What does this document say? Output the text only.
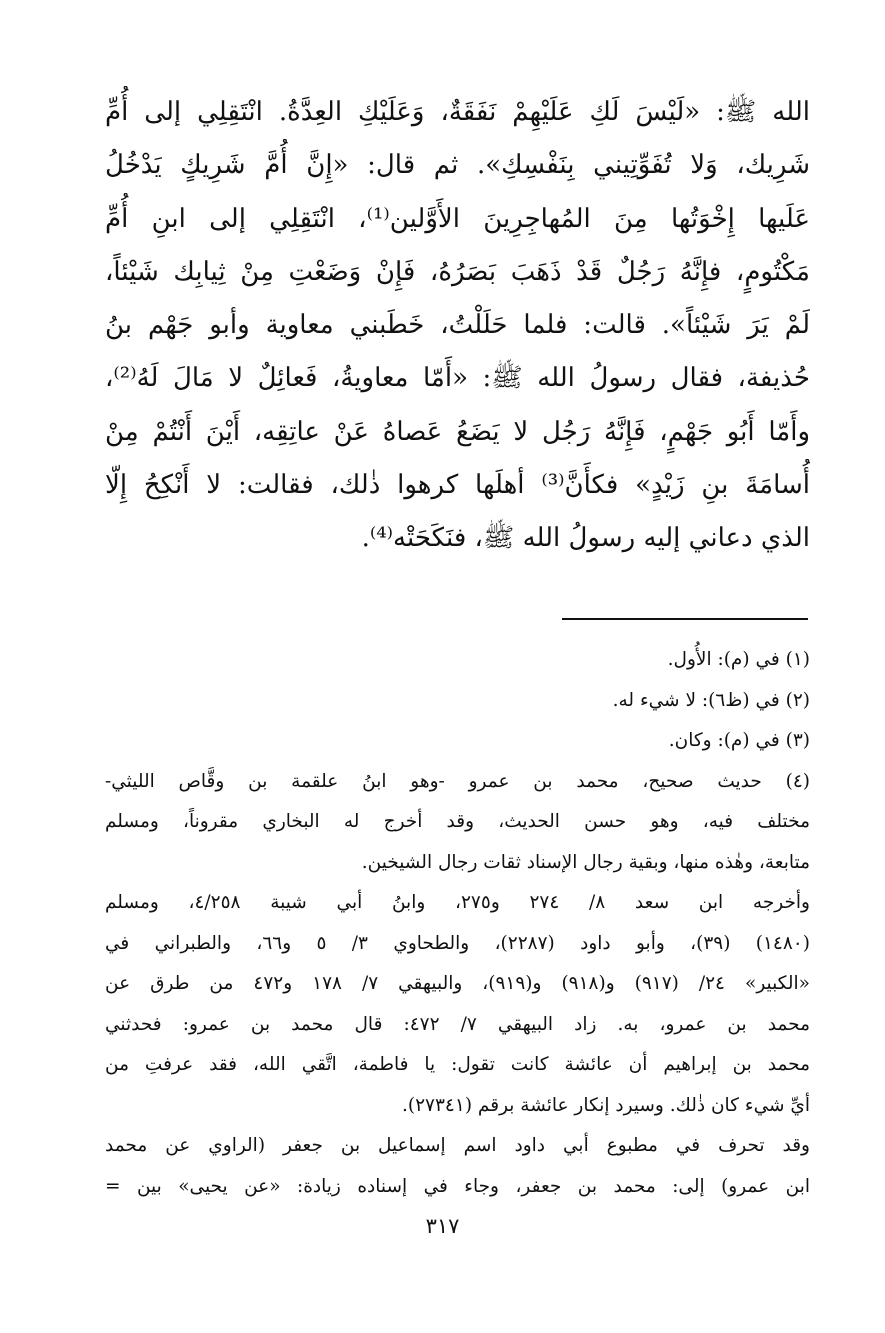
الله ﷺ: «لَيْسَ لَكِ عَلَيْهِمْ نَفَقَةٌ، وَعَلَيْكِ العِدَّةُ. انْتَقِلِي إلى أُمِّ
شَرِيك، وَلا تُفَوِّتِيني بِنَفْسِكِ». ثم قال: «إِنَّ أُمَّ شَرِيكٍ يَدْخُلُ
عَلَيها إِخْوَتُها مِنَ المُهاجِرِينَ الأَوَّلين⁽¹⁾، انْتَقِلِي إلى ابنِ أُمِّ
مَكْتُومٍ، فإِنَّهُ رَجُلٌ قَدْ ذَهَبَ بَصَرُهُ، فَإِنْ وَضَعْتِ مِنْ ثِيابِك شَيْئاً،
لَمْ يَرَ شَيْئاً». قالت: فلما حَلَلْتُ، خَطَبني معاوية وأبو جَهْم بنُ
حُذيفة، فقال رسولُ الله ﷺ: «أَمّا معاويةُ، فَعائِلٌ لا مَالَ لَهُ⁽²⁾،
وأَمّا أَبُو جَهْمٍ، فَإِنَّهُ رَجُل لا يَضَعُ عَصاهُ عَنْ عاتِقِه، أَيْنَ أَنْتُمْ مِنْ
أُسامَةَ بنِ زَيْدٍ» فكأَنَّ⁽³⁾ أهلَها كرهوا ذٰلك، فقالت: لا أَنْكِحُ إِلّا
الذي دعاني إليه رسولُ الله ﷺ، فنَكَحَتْه⁽⁴⁾.
(١) في (م): الأُول.
(٢) في (ظ٦): لا شيء له.
(٣) في (م): وكان.
(٤) حديث صحيح، محمد بن عمرو -وهو ابنُ علقمة بن وقَّاص الليثي-
مختلف فيه، وهو حسن الحديث، وقد أخرج له البخاري مقروناً، ومسلم
متابعة، وهٰذه منها، وبقية رجال الإسناد ثقات رجال الشيخين.
وأخرجه ابن سعد ٨/ ٢٧٤ و٢٧٥، وابنُ أبي شيبة ٤/٢٥٨، ومسلم
(١٤٨٠) (٣٩)، وأبو داود (٢٢٨٧)، والطحاوي ٣/ ٥ و٦٦، والطبراني في
«الكبير» ٢٤/ (٩١٧) و(٩١٨) و(٩١٩)، والبيهقي ٧/ ١٧٨ و٤٧٢ من طرق عن
محمد بن عمرو، به. زاد البيهقي ٧/ ٤٧٢: قال محمد بن عمرو: فحدثني
محمد بن إبراهيم أن عائشة كانت تقول: يا فاطمة، اتَّقي الله، فقد عرفتِ من
أيِّ شيء كان ذٰلك. وسيرد إنكار عائشة برقم (٢٧٣٤١).
وقد تحرف في مطبوع أبي داود اسم إسماعيل بن جعفر (الراوي عن محمد
ابن عمرو) إلى: محمد بن جعفر، وجاء في إسناده زيادة: «عن يحيى» بين =
٣١٧
